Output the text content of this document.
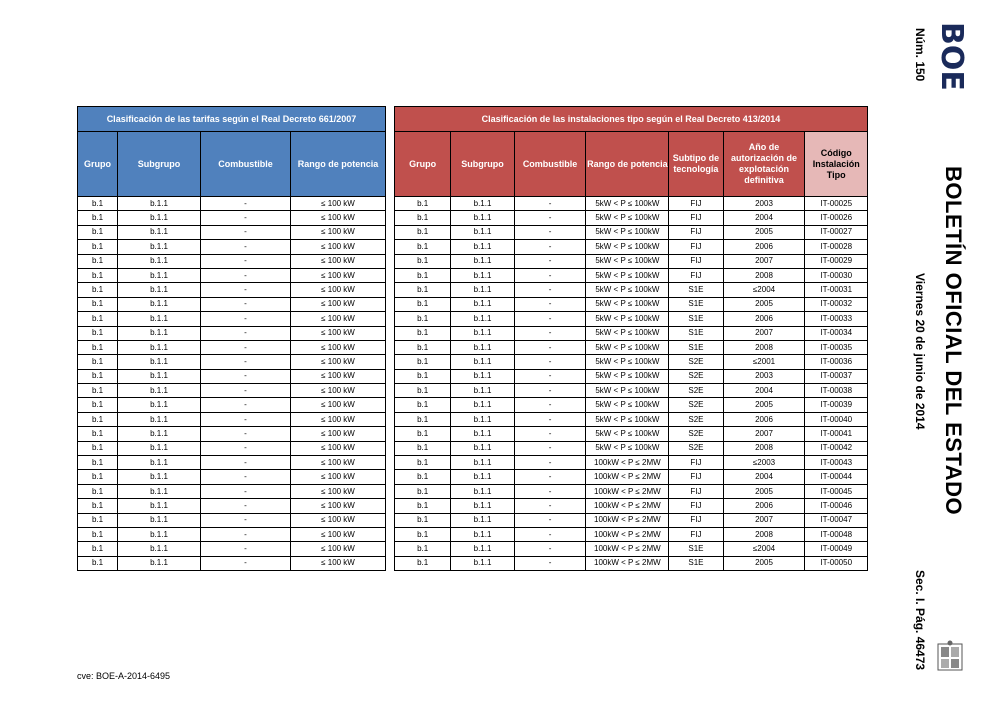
Clasificación de las tarifas según el Real Decreto 661/2007			
Grupo	Subgrupo	Combustible	Rango de potencia
b.1	b.1.1	-	≤ 100 kW
b.1	b.1.1	-	≤ 100 kW
b.1	b.1.1	-	≤ 100 kW
b.1	b.1.1	-	≤ 100 kW
b.1	b.1.1	-	≤ 100 kW
b.1	b.1.1	-	≤ 100 kW
b.1	b.1.1	-	≤ 100 kW
b.1	b.1.1	-	≤ 100 kW
b.1	b.1.1	-	≤ 100 kW
b.1	b.1.1	-	≤ 100 kW
b.1	b.1.1	-	≤ 100 kW
b.1	b.1.1	-	≤ 100 kW
b.1	b.1.1	-	≤ 100 kW
b.1	b.1.1	-	≤ 100 kW
b.1	b.1.1	-	≤ 100 kW
b.1	b.1.1	-	≤ 100 kW
b.1	b.1.1	-	≤ 100 kW
b.1	b.1.1	-	≤ 100 kW
b.1	b.1.1	-	≤ 100 kW
b.1	b.1.1	-	≤ 100 kW
b.1	b.1.1	-	≤ 100 kW
b.1	b.1.1	-	≤ 100 kW
b.1	b.1.1	-	≤ 100 kW
b.1	b.1.1	-	≤ 100 kW
b.1	b.1.1	-	≤ 100 kW
b.1	b.1.1	-	≤ 100 kW
Clasificación de las instalaciones tipo según el Real Decreto 413/2014						
Grupo	Subgrupo	Combustible	Rango de potencia	Subtipo de tecnología	Año de autorización de explotación definitiva	Código Instalación Tipo
b.1	b.1.1	-	5kW < P ≤ 100kW	FIJ	2003	IT-00025
b.1	b.1.1	-	5kW < P ≤ 100kW	FIJ	2004	IT-00026
b.1	b.1.1	-	5kW < P ≤ 100kW	FIJ	2005	IT-00027
b.1	b.1.1	-	5kW < P ≤ 100kW	FIJ	2006	IT-00028
b.1	b.1.1	-	5kW < P ≤ 100kW	FIJ	2007	IT-00029
b.1	b.1.1	-	5kW < P ≤ 100kW	FIJ	2008	IT-00030
b.1	b.1.1	-	5kW < P ≤ 100kW	S1E	≤2004	IT-00031
b.1	b.1.1	-	5kW < P ≤ 100kW	S1E	2005	IT-00032
b.1	b.1.1	-	5kW < P ≤ 100kW	S1E	2006	IT-00033
b.1	b.1.1	-	5kW < P ≤ 100kW	S1E	2007	IT-00034
b.1	b.1.1	-	5kW < P ≤ 100kW	S1E	2008	IT-00035
b.1	b.1.1	-	5kW < P ≤ 100kW	S2E	≤2001	IT-00036
b.1	b.1.1	-	5kW < P ≤ 100kW	S2E	2003	IT-00037
b.1	b.1.1	-	5kW < P ≤ 100kW	S2E	2004	IT-00038
b.1	b.1.1	-	5kW < P ≤ 100kW	S2E	2005	IT-00039
b.1	b.1.1	-	5kW < P ≤ 100kW	S2E	2006	IT-00040
b.1	b.1.1	-	5kW < P ≤ 100kW	S2E	2007	IT-00041
b.1	b.1.1	-	5kW < P ≤ 100kW	S2E	2008	IT-00042
b.1	b.1.1	-	100kW < P ≤ 2MW	FIJ	≤2003	IT-00043
b.1	b.1.1	-	100kW < P ≤ 2MW	FIJ	2004	IT-00044
b.1	b.1.1	-	100kW < P ≤ 2MW	FIJ	2005	IT-00045
b.1	b.1.1	-	100kW < P ≤ 2MW	FIJ	2006	IT-00046
b.1	b.1.1	-	100kW < P ≤ 2MW	FIJ	2007	IT-00047
b.1	b.1.1	-	100kW < P ≤ 2MW	FIJ	2008	IT-00048
b.1	b.1.1	-	100kW < P ≤ 2MW	S1E	≤2004	IT-00049
b.1	b.1.1	-	100kW < P ≤ 2MW	S1E	2005	IT-00050
BOE
Núm. 150
BOLETÍN OFICIAL DEL ESTADO
Viernes 20 de junio de 2014
Sec. I. Pág. 46473
cve: BOE-A-2014-6495
